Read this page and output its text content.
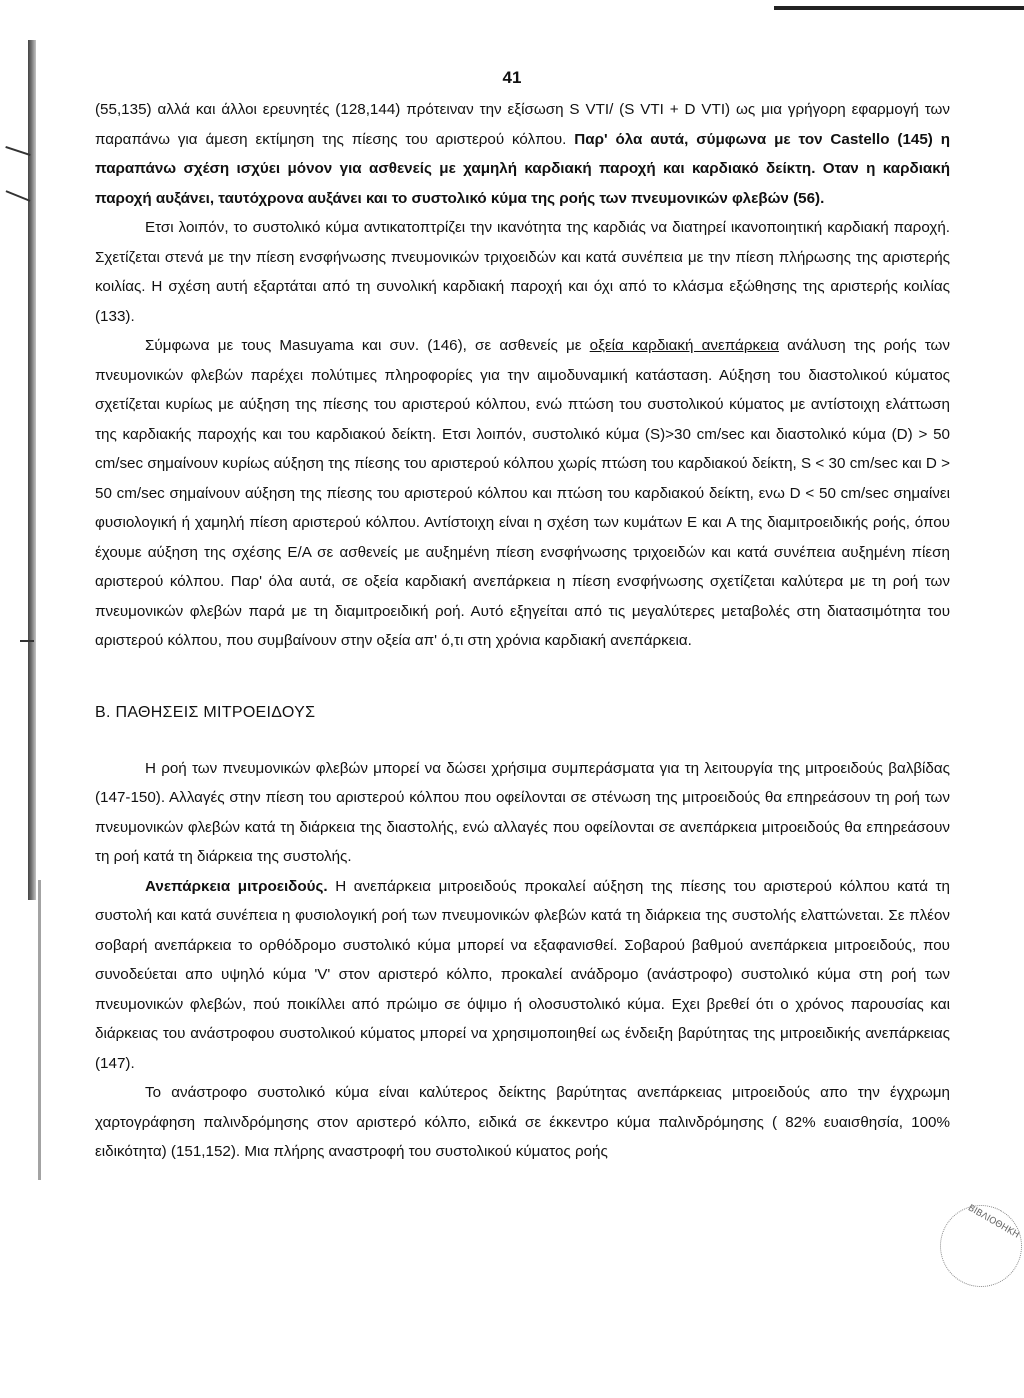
41

(55,135) αλλά και άλλοι ερευνητές (128,144) πρότειναν την εξίσωση S VTI/ (S VTI + D VTI) ως μια γρήγορη εφαρμογή των παραπάνω για άμεση εκτίμηση της πίεσης του αριστερού κόλπου. Παρ' όλα αυτά, σύμφωνα με τον Castello (145) η παραπάνω σχέση ισχύει μόνον για ασθενείς με χαμηλή καρδιακή παροχή και καρδιακό δείκτη. Οταν η καρδιακή παροχή αυξάνει, ταυτόχρονα αυξάνει και το συστολικό κύμα της ροής των πνευμονικών φλεβών (56).

Ετσι λοιπόν, το συστολικό κύμα αντικατοπτρίζει την ικανότητα της καρδιάς να διατηρεί ικανοποιητική καρδιακή παροχή. Σχετίζεται στενά με την πίεση ενσφήνωσης πνευμονικών τριχοειδών και κατά συνέπεια με την πίεση πλήρωσης της αριστερής κοιλίας. Η σχέση αυτή εξαρτάται από τη συνολική καρδιακή παροχή και όχι από το κλάσμα εξώθησης της αριστερής κοιλίας (133).

Σύμφωνα με τους Masuyama και συν. (146), σε ασθενείς με οξεία καρδιακή ανεπάρκεια ανάλυση της ροής των πνευμονικών φλεβών παρέχει πολύτιμες πληροφορίες για την αιμοδυναμική κατάσταση. Αύξηση του διαστολικού κύματος σχετίζεται κυρίως με αύξηση της πίεσης του αριστερού κόλπου, ενώ πτώση του συστολικού κύματος με αντίστοιχη ελάττωση της καρδιακής παροχής και του καρδιακού δείκτη. Ετσι λοιπόν, συστολικό κύμα (S)>30 cm/sec και διαστολικό κύμα (D) > 50 cm/sec σημαίνουν κυρίως αύξηση της πίεσης του αριστερού κόλπου χωρίς πτώση του καρδιακού δείκτη, S < 30 cm/sec και D > 50 cm/sec σημαίνουν αύξηση της πίεσης του αριστερού κόλπου και πτώση του καρδιακού δείκτη, ενω D < 50 cm/sec σημαίνει φυσιολογική ή χαμηλή πίεση αριστερού κόλπου. Αντίστοιχη είναι η σχέση των κυμάτων E και A της διαμιτροειδικής ροής, όπου έχουμε αύξηση της σχέσης E/A σε ασθενείς με αυξημένη πίεση ενσφήνωσης τριχοειδών και κατά συνέπεια αυξημένη πίεση αριστερού κόλπου. Παρ' όλα αυτά, σε οξεία καρδιακή ανεπάρκεια η πίεση ενσφήνωσης σχετίζεται καλύτερα με τη ροή των πνευμονικών φλεβών παρά με τη διαμιτροειδική ροή. Αυτό εξηγείται από τις μεγαλύτερες μεταβολές στη διατασιμότητα του αριστερού κόλπου, που συμβαίνουν στην οξεία απ' ό,τι στη χρόνια καρδιακή ανεπάρκεια.

Β. ΠΑΘΗΣΕΙΣ ΜΙΤΡΟΕΙΔΟΥΣ

Η ροή των πνευμονικών φλεβών μπορεί να δώσει χρήσιμα συμπεράσματα για τη λειτουργία της μιτροειδούς βαλβίδας (147-150). Αλλαγές στην πίεση του αριστερού κόλπου που οφείλονται σε στένωση της μιτροειδούς θα επηρεάσουν τη ροή των πνευμονικών φλεβών κατά τη διάρκεια της διαστολής, ενώ αλλαγές που οφείλονται σε ανεπάρκεια μιτροειδούς θα επηρεάσουν τη ροή κατά τη διάρκεια της συστολής.

Ανεπάρκεια μιτροειδούς. Η ανεπάρκεια μιτροειδούς προκαλεί αύξηση της πίεσης του αριστερού κόλπου κατά τη συστολή και κατά συνέπεια η φυσιολογική ροή των πνευμονικών φλεβών κατά τη διάρκεια της συστολής ελαττώνεται. Σε πλέον σοβαρή ανεπάρκεια το ορθόδρομο συστολικό κύμα μπορεί να εξαφανισθεί. Σοβαρού βαθμού ανεπάρκεια μιτροειδούς, που συνοδεύεται απο υψηλό κύμα 'V' στον αριστερό κόλπο, προκαλεί ανάδρομο (ανάστροφο) συστολικό κύμα στη ροή των πνευμονικών φλεβών, πού ποικίλλει από πρώιμο σε όψιμο ή ολοσυστολικό κύμα. Εχει βρεθεί ότι ο χρόνος παρουσίας και διάρκειας του ανάστροφου συστολικού κύματος μπορεί να χρησιμοποιηθεί ως ένδειξη βαρύτητας της μιτροειδικής ανεπάρκειας (147).

Το ανάστροφο συστολικό κύμα είναι καλύτερος δείκτης βαρύτητας ανεπάρκειας μιτροειδούς απο την έγχρωμη χαρτογράφηση παλινδρόμησης στον αριστερό κόλπο, ειδικά σε έκκεντρο κύμα παλινδρόμησης ( 82% ευαισθησία, 100% ειδικότητα) (151,152). Μια πλήρης αναστροφή του συστολικού κύματος ροής

ΒΙΒΛΙΟΘΗΚΗ
